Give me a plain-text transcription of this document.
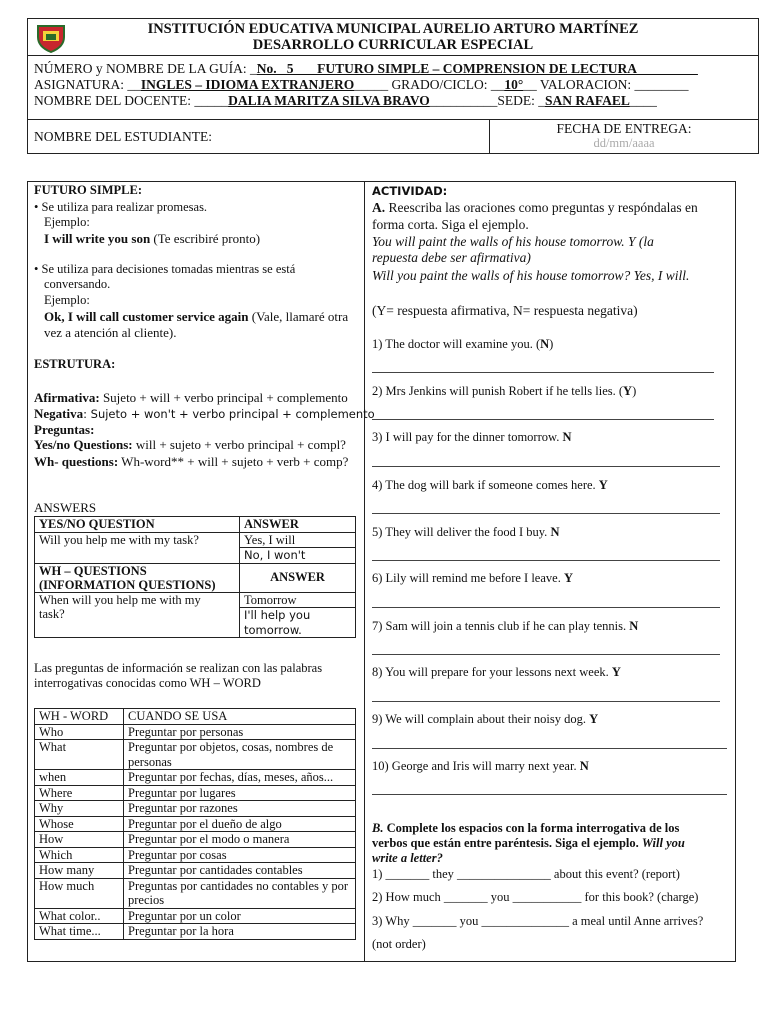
INSTITUCIÓN EDUCATIVA MUNICIPAL AURELIO ARTURO MARTÍNEZ
DESARROLLO CURRICULAR ESPECIAL
NÚMERO y NOMBRE DE LA GUÍA: _No. _5___ FUTURO SIMPLE – COMPRENSION DE LECTURA_________
ASIGNATURA: __INGLES – IDIOMA EXTRANJERO_____ GRADO/CICLO: __10°__ VALORACION: ________
NOMBRE DEL DOCENTE: _____DALIA MARITZA SILVA BRAVO__________SEDE: _SAN RAFAEL____
NOMBRE DEL ESTUDIANTE:
FECHA DE ENTREGA:
dd/mm/aaaa
FUTURO SIMPLE:
• Se utiliza para realizar promesas.
Ejemplo:
I will write you son (Te escribiré pronto)
• Se utiliza para decisiones tomadas mientras se está
conversando.
Ejemplo:
Ok, I will call customer service again (Vale, llamaré otra
vez a atención al cliente).
ESTRUTURA:
Afirmativa: Sujeto + will + verbo principal + complemento
Negativa: Sujeto + won't + verbo principal + complemento
Preguntas:
Yes/no Questions: will + sujeto + verbo principal + compl?
Wh- questions: Wh-word** + will + sujeto + verb + comp?
ANSWERS
YES/NO QUESTION	ANSWER
Will you help me with my task?	Yes, I will
	No, I won't

WH – QUESTIONS
(INFORMATION QUESTIONS)	ANSWER

When will you help me with my
task?	Tomorrow

	I'll help you
tomorrow.
Las preguntas de información se realizan con las palabras
interrogativas conocidas como WH – WORD
WH - WORD	CUANDO SE USA
Who	Preguntar por personas
What	Preguntar por objetos, cosas, nombres de personas
when	Preguntar por fechas, días, meses, años...
Where	Preguntar por lugares
Why	Preguntar por razones
Whose	Preguntar por el dueño de algo
How	Preguntar por el modo o manera
Which	Preguntar por cosas
How many	Preguntar por cantidades contables
How much	Preguntas por cantidades no contables y por precios
What color..	Preguntar por un color
What time...	Preguntar por la hora
ACTIVIDAD:
A. Reescriba las oraciones como preguntas y respóndalas en
forma corta. Siga el ejemplo.
You will paint the walls of his house tomorrow. Y (la
repuesta debe ser afirmativa)
Will you paint the walls of his house tomorrow? Yes, I will.
(Y= respuesta afirmativa, N= respuesta negativa)
1) The doctor will examine you. (N)
2) Mrs Jenkins will punish Robert if he tells lies. (Y)
3) I will pay for the dinner tomorrow. N
4) The dog will bark if someone comes here. Y
5) They will deliver the food I buy. N
6) Lily will remind me before I leave. Y
7) Sam will join a tennis club if he can play tennis. N
8) You will prepare for your lessons next week. Y
9) We will complain about their noisy dog. Y
10) George and Iris will marry next year. N
B. Complete los espacios con la forma interrogativa de los
verbos que están entre paréntesis. Siga el ejemplo. Will you
write a letter?
1) _______ they _______________ about this event? (report)
2) How much _______ you ___________ for this book? (charge)
3) Why _______ you ______________ a meal until Anne arrives?
(not order)
